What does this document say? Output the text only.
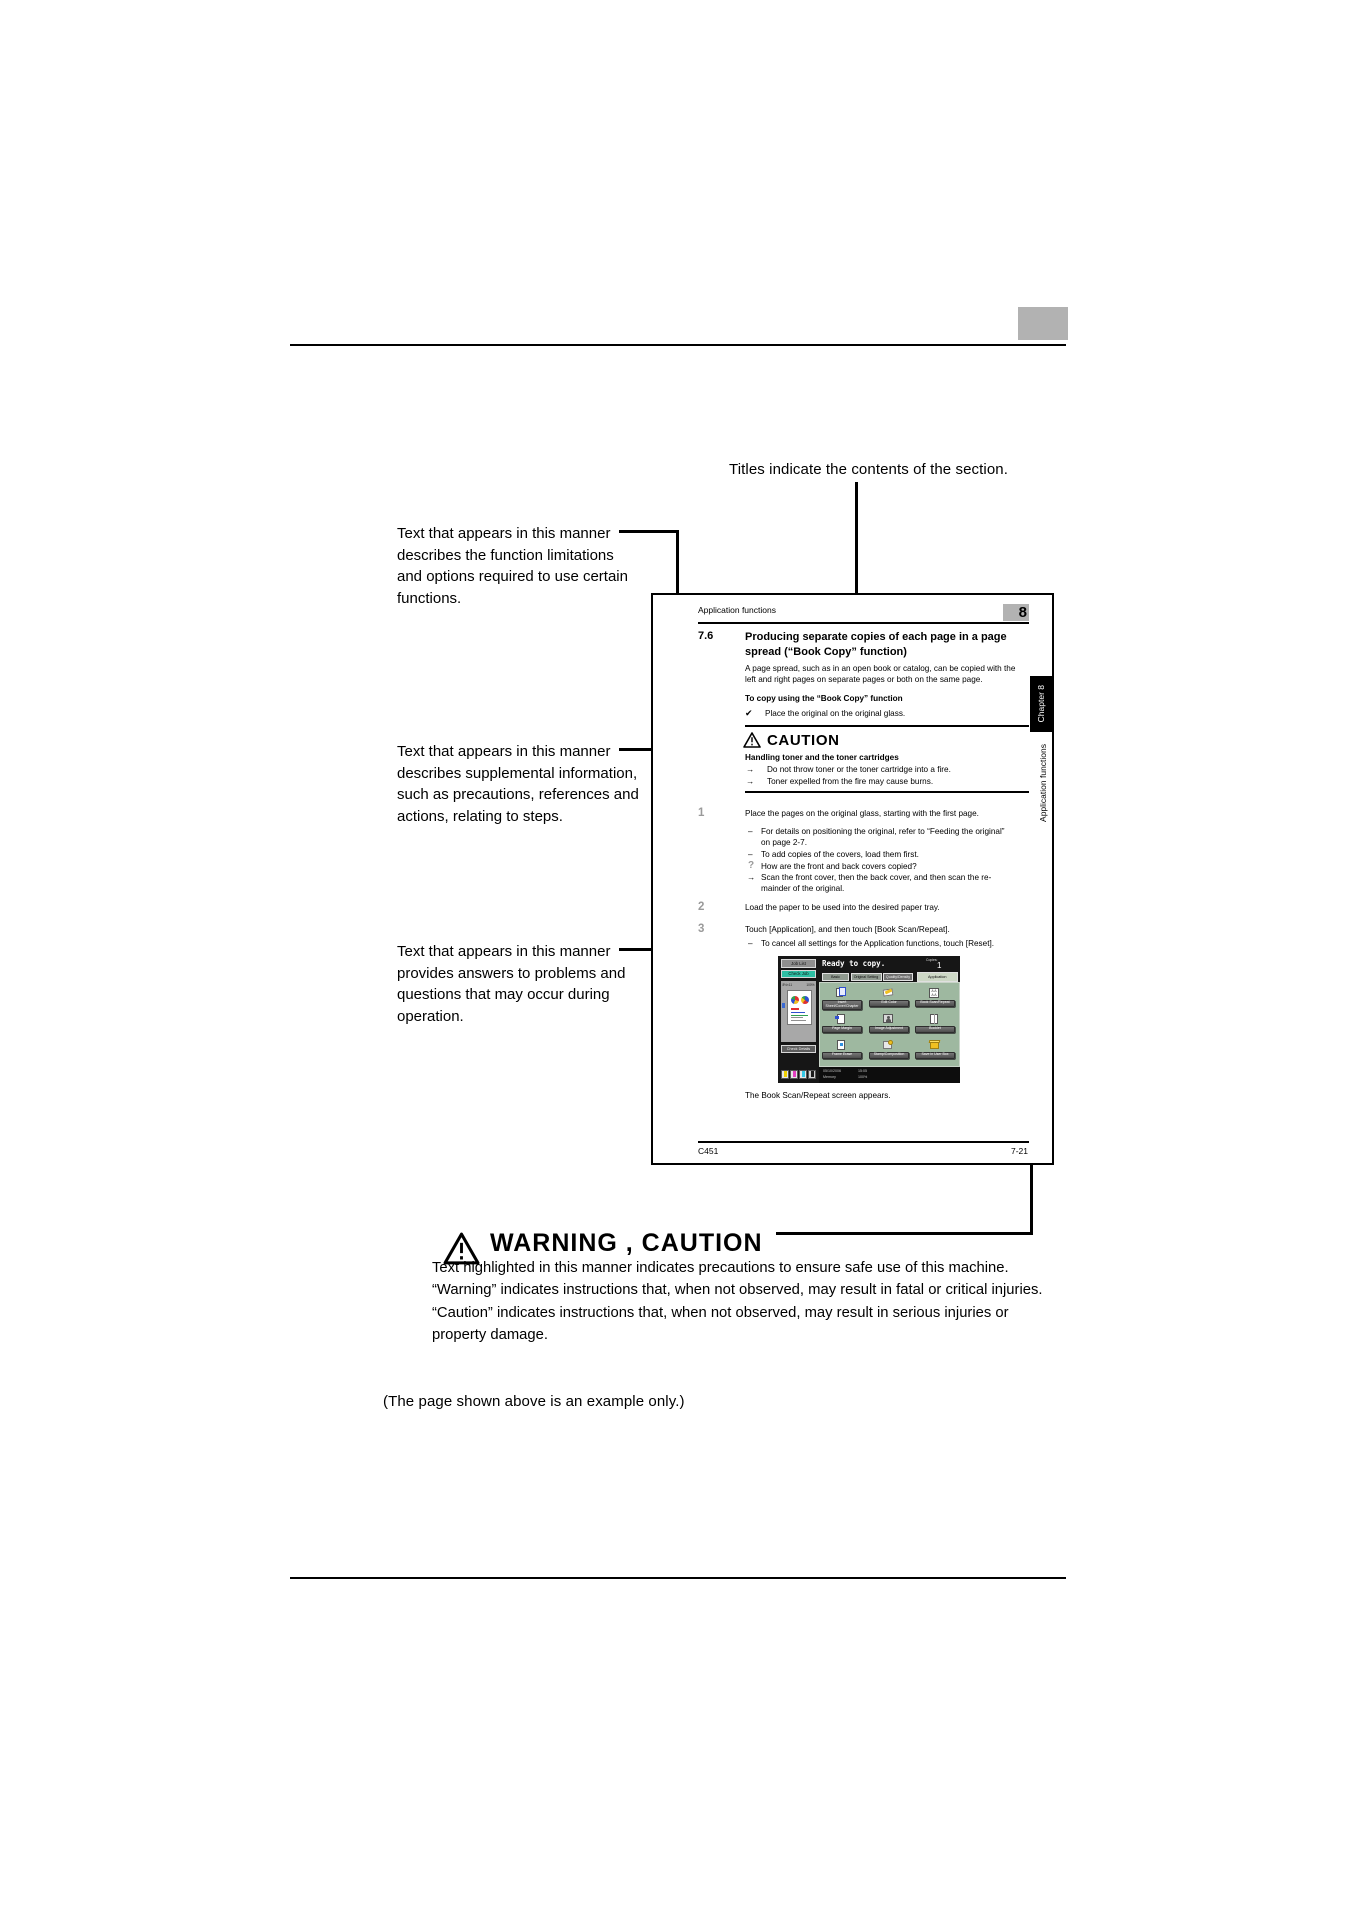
Titles indicate the contents of the section.
Text that appears in this manner
describes the function limitations
and options required to use certain
functions.
Text that appears in this manner
describes supplemental information,
such as precautions, references and
actions, relating to steps.
Text that appears in this manner
provides answers to problems and
questions that may occur during
operation.
Application functions	8
7.6	Producing separate copies of each page in a page
spread (“Book Copy” function)
A page spread, such as in an open book or catalog, can be copied with the
left and right pages on separate pages or both on the same page.
To copy using the “Book Copy” function
✔ Place the original on the original glass.
CAUTION
Handling toner and the toner cartridges
→ Do not throw toner or the toner cartridge into a fire.
→ Toner expelled from the fire may cause burns.
1	Place the pages on the original glass, starting with the first page.
– For details on positioning the original, refer to “Feeding the original”
on page 2-7.
– To add copies of the covers, load them first.
? How are the front and back covers copied?
→ Scan the front cover, then the back cover, and then scan the re-
mainder of the original.
2	Load the paper to be used into the desired paper tray.
3	Touch [Application], and then touch [Book Scan/Repeat].
– To cancel all settings for the Application functions, touch [Reset].
Job List
Check Job
8½×11	100%
Check Details
Ready to copy.	Copies:
1
Basic	Original Setting Quality/Density	Application
A A
A A
Insert Sheet/Cover/Chapter
Edit Color	Book Scan/Repeat
Page Margin	Image Adjustment	Booklet
Frame Erase	Stamp/Composition	Save in User Box
05/10/2006	15:05
Memory	100%
The Book Scan/Repeat screen appears.
C451	7-21
Chapter 8
Application functions
WARNING , CAUTION
Text highlighted in this manner indicates precautions to ensure safe use of this machine.
“Warning” indicates instructions that, when not observed, may result in fatal or critical injuries.
“Caution” indicates instructions that, when not observed, may result in serious injuries or
property damage.
(The page shown above is an example only.)
